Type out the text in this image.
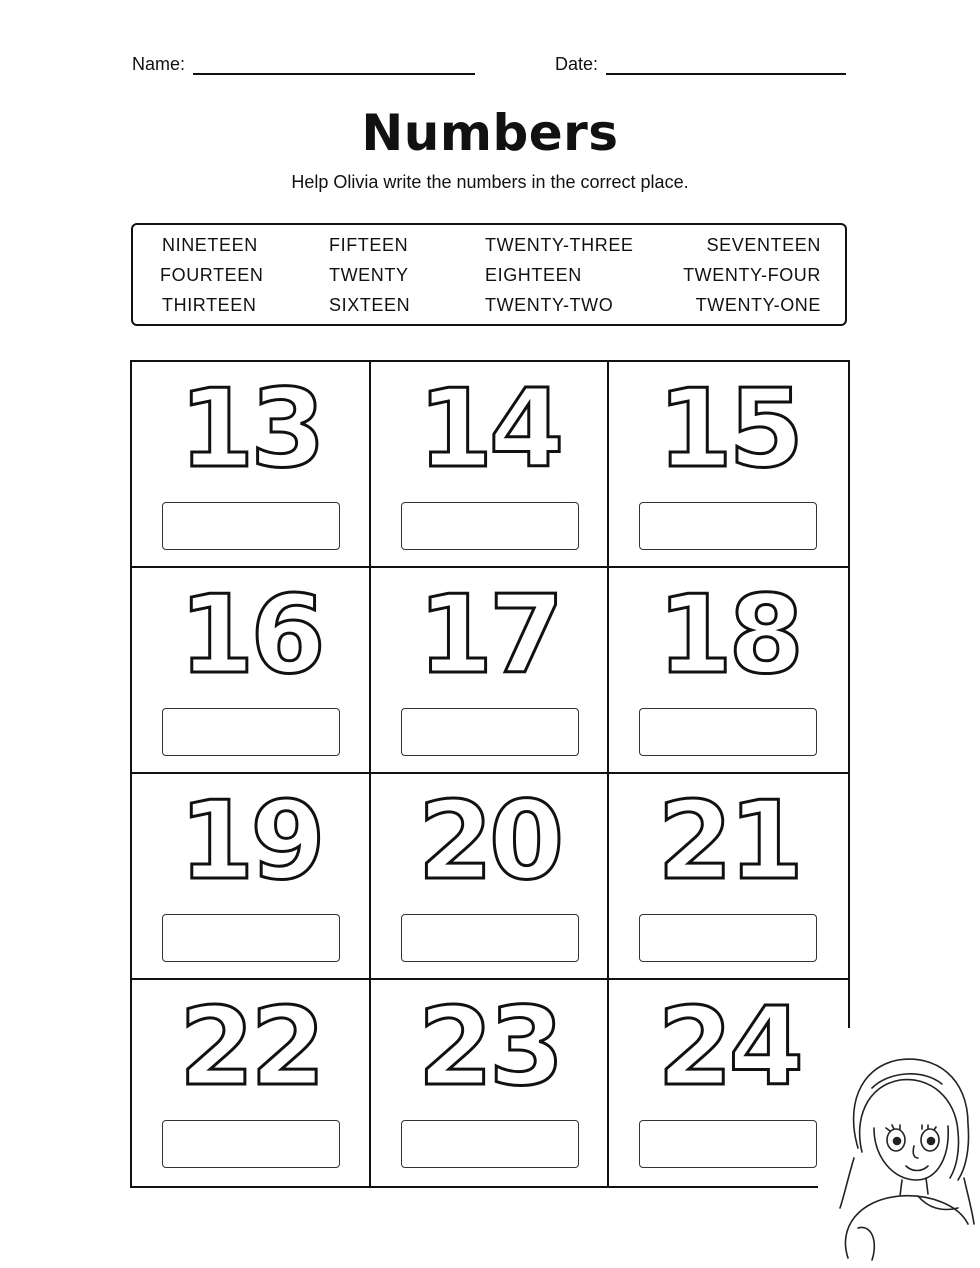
Name:	Date:
Numbers
Help Olivia write the numbers in the correct place.
NINETEEN	FIFTEEN	TWENTY-THREE	SEVENTEEN
FOURTEEN	TWENTY	EIGHTEEN	TWENTY-FOUR
THIRTEEN	SIXTEEN	TWENTY-TWO	TWENTY-ONE
13 14 15
16 17 18
19 20 21
22 23 24
